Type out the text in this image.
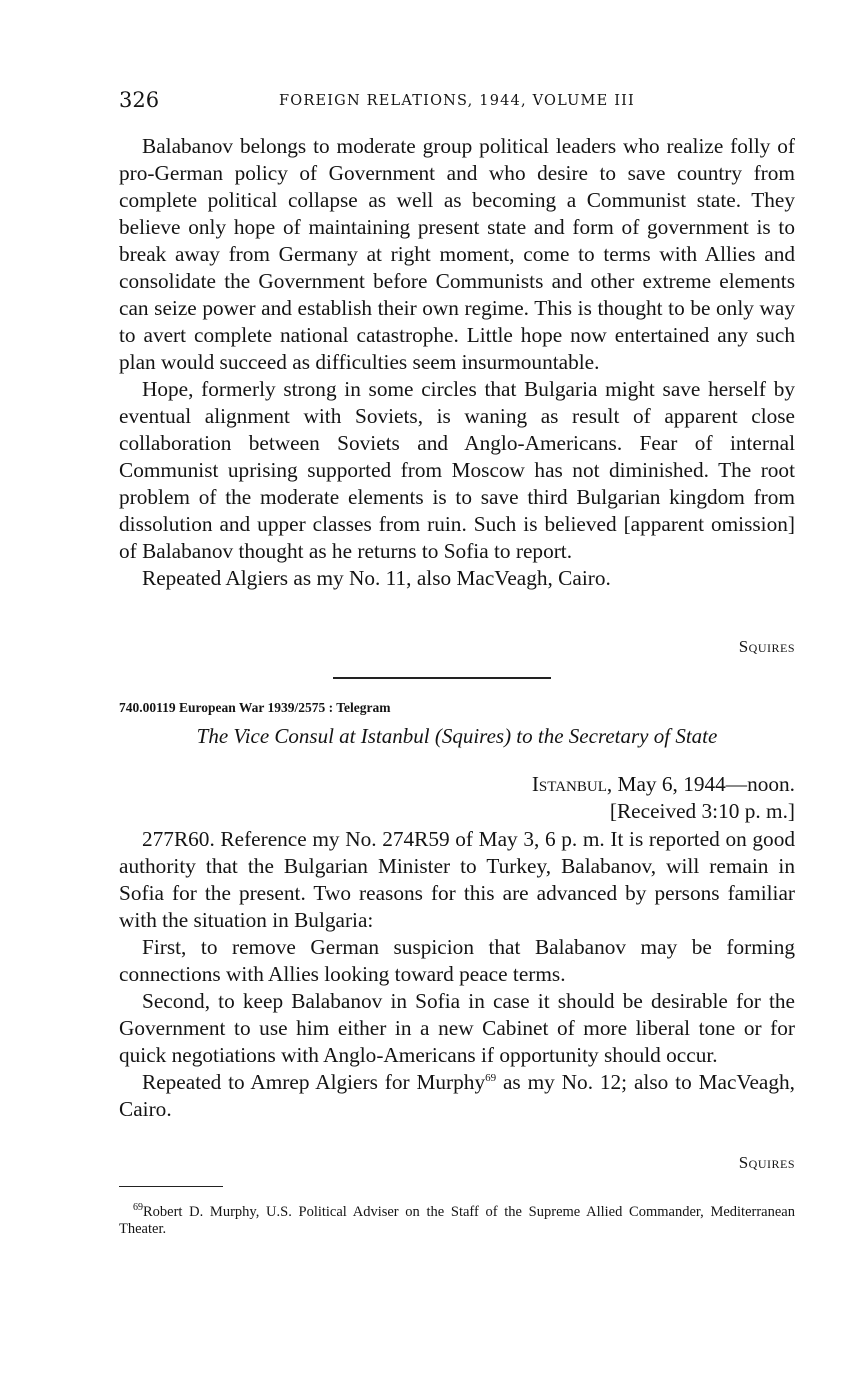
326	FOREIGN RELATIONS, 1944, VOLUME III

Balabanov belongs to moderate group political leaders who realize folly of pro-German policy of Government and who desire to save country from complete political collapse as well as becoming a Communist state. They believe only hope of maintaining present state and form of government is to break away from Germany at right moment, come to terms with Allies and consolidate the Government before Communists and other extreme elements can seize power and establish their own regime. This is thought to be only way to avert complete national catastrophe. Little hope now entertained any such plan would succeed as difficulties seem insurmountable.

Hope, formerly strong in some circles that Bulgaria might save herself by eventual alignment with Soviets, is waning as result of apparent close collaboration between Soviets and Anglo-Americans. Fear of internal Communist uprising supported from Moscow has not diminished. The root problem of the moderate elements is to save third Bulgarian kingdom from dissolution and upper classes from ruin. Such is believed [apparent omission] of Balabanov thought as he returns to Sofia to report.

Repeated Algiers as my No. 11, also MacVeagh, Cairo.

Squires
740.00119 European War 1939/2575 : Telegram
The Vice Consul at Istanbul (Squires) to the Secretary of State
Istanbul, May 6, 1944—noon.
[Received 3:10 p. m.]

277R60. Reference my No. 274R59 of May 3, 6 p. m. It is reported on good authority that the Bulgarian Minister to Turkey, Balabanov, will remain in Sofia for the present. Two reasons for this are advanced by persons familiar with the situation in Bulgaria:

First, to remove German suspicion that Balabanov may be forming connections with Allies looking toward peace terms.

Second, to keep Balabanov in Sofia in case it should be desirable for the Government to use him either in a new Cabinet of more liberal tone or for quick negotiations with Anglo-Americans if opportunity should occur.

Repeated to Amrep Algiers for Murphy$^{69}$ as my No. 12; also to MacVeagh, Cairo.

Squires

$^{69}$Robert D. Murphy, U.S. Political Adviser on the Staff of the Supreme Allied Commander, Mediterranean Theater.
